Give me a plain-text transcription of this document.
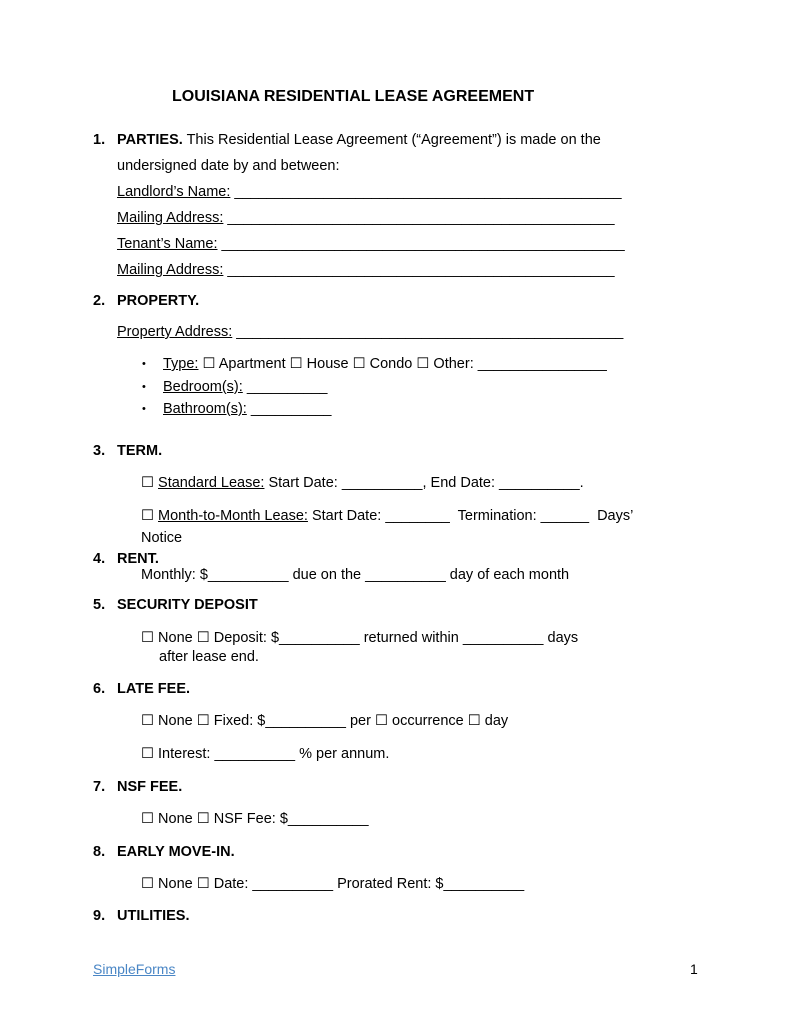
LOUISIANA RESIDENTIAL LEASE AGREEMENT
1. PARTIES. This Residential Lease Agreement (“Agreement”) is made on the
undersigned date by and between:
Landlord’s Name: ________________________________________________
Mailing Address: ________________________________________________
Tenant’s Name: __________________________________________________
Mailing Address: ________________________________________________
2. PROPERTY.
Property Address: ________________________________________________
• Type: ☐ Apartment ☐ House ☐ Condo ☐ Other: ________________
• Bedroom(s): __________
• Bathroom(s): __________
3. TERM.
☐ Standard Lease: Start Date: __________, End Date: __________.
☐ Month-to-Month Lease: Start Date: ________  Termination: ______  Days’
Notice
4. RENT.
Monthly: $__________ due on the __________ day of each month
5. SECURITY DEPOSIT
☐ None ☐ Deposit: $__________ returned within __________ days
after lease end.
6. LATE FEE.
☐ None ☐ Fixed: $__________ per ☐ occurrence ☐ day
☐ Interest: __________ % per annum.
7. NSF FEE.
☐ None ☐ NSF Fee: $__________
8. EARLY MOVE-IN.
☐ None ☐ Date: __________ Prorated Rent: $__________
9. UTILITIES.
SimpleForms	1
